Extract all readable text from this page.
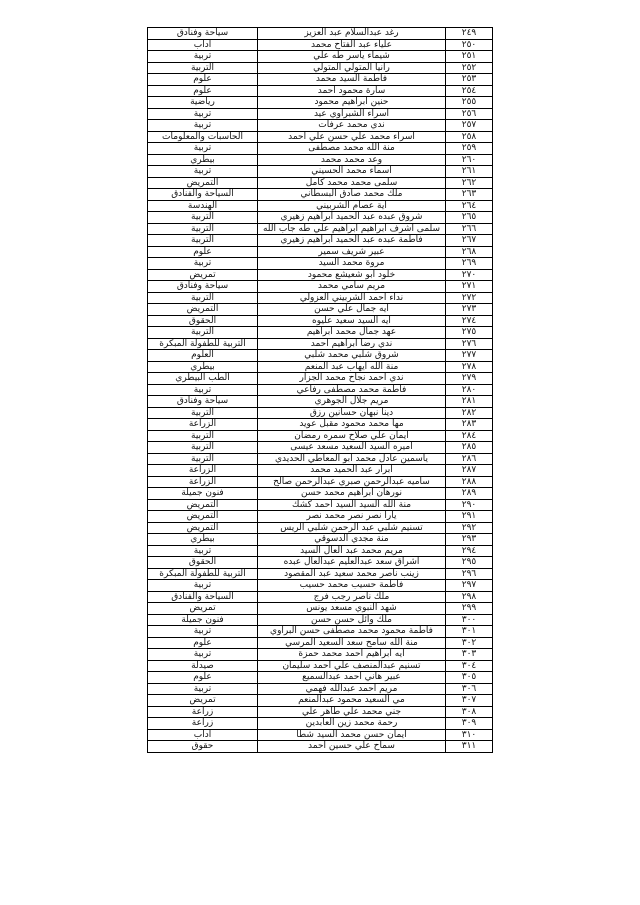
٢٤٩	رغد عبدالسلام عبد العزيز	سياحة وفنادق
٢٥٠	علياء عبد الفتاح محمد	اداب
٢٥١	شيماء ياسر طه علي	تربية
٢٥٢	رانيا المتولي المتولي	التربية
٢٥٣	فاطمة السيد محمد	علوم
٢٥٤	سارة محمود احمد	علوم
٢٥٥	حنين ابراهيم محمود	رياضية
٢٥٦	اسراء الشبراوي عيد	تربية
٢٥٧	ندي محمد عرفات	تربية
٢٥٨	اسراء محمد علي حسن علي احمد	الحاسبات والمعلومات
٢٥٩	منة الله محمد مصطفى	تربية
٢٦٠	وعد محمد محمد	بيطري
٢٦١	اسماء محمد الحسيني	تربية
٢٦٢	سلمى محمد محمد كامل	التمريض
٢٦٣	ملك محمد صادق البسطاني	السياحة والفنادق
٢٦٤	آية عصام الشربيني	الهندسة
٢٦٥	شروق عبده عبد الحميد ابراهيم زهيري	التربية
٢٦٦	سلمى أشرف ابراهيم ابراهيم علي طه جاب الله	التربية
٢٦٧	فاطمة عبده عبد الحميد ابراهيم زهيري	التربية
٢٦٨	عبير شريف سمير	علوم
٢٦٩	مروة محمد السيد	تربية
٢٧٠	خلود ابو شعيشع محمود	تمريض
٢٧١	مريم سامي محمد	سياحة وفنادق
٢٧٢	نداء احمد الشربيني العزولي	التربية
٢٧٣	ايه جمال علي حسن	التمريض
٢٧٤	ايه السيد سعيد عليوه	الحقوق
٢٧٥	عهد جمال محمد ابراهيم	التربية
٢٧٦	ندي رضا ابراهيم احمد	التربية للطفولة المبكرة
٢٧٧	شروق شلبي محمد شلبي	العلوم
٢٧٨	منة الله ايهاب عبد المنعم	بيطري
٢٧٩	ندي احمد نجاح محمد الجزار	الطب البيطري
٢٨٠	فاطمة محمد مصطفى رفاعي	تربية
٢٨١	مريم جلال الجوهري	سياحة وفنادق
٢٨٢	دينا نبهان حسانين رزق	التربية
٢٨٣	مها محمد محمود مقبل عويد	الزراعة
٢٨٤	ايمان علي صلاح سمره رمضان	التربية
٢٨٥	اميره السيد السعيد مسعد عيسى	التربية
٢٨٦	ياسمين عادل محمد ابو المعاطي الحديدي	التربية
٢٨٧	ابرار عبد الحميد محمد	الزراعة
٢٨٨	ساميه عبدالرحمن صبري عبدالرحمن صالح	الزراعة
٢٨٩	نورهان ابراهيم محمد حسن	فنون جميلة
٢٩٠	منة الله السيد السيد احمد كشك	التمريض
٢٩١	يارا نصر نصر محمد نصر	التمريض
٢٩٢	تسنيم شلبي عبد الرحمن شلبي الريس	التمريض
٢٩٣	منة مجدي الدسوقي	بيطري
٢٩٤	مريم محمد عبد العال السيد	تربية
٢٩٥	اشراق سعد عبدالعليم عبدالعال عبده	الحقوق
٢٩٦	زينب ناصر محمد سعيد عبد المقصود	التربية للطفولة المبكرة
٢٩٧	فاطمة حسيب محمد حسيب	تربية
٢٩٨	ملك ناصر رجب فرج	السياحة والفنادق
٢٩٩	شهد النبوي مسعد يونس	تمريض
٣٠٠	ملك وائل حسن حسن	فنون جميلة
٣٠١	فاطمة محمود محمد مصطفى حسن البراوي	تربية
٣٠٢	منة الله سامح سعد السعيد المرسي	علوم
٣٠٣	ايه ابراهيم احمد محمد حمزة	تربية
٣٠٤	تسنيم عبدالمنصف علي احمد سليمان	صيدلة
٣٠٥	عبير هاني احمد عبدالسميع	علوم
٣٠٦	مريم احمد عبدالله فهمي	تربية
٣٠٧	مي السعيد محمود عبدالمنعم	تمريض
٣٠٨	جني محمد علي طاهر علي	زراعة
٣٠٩	رحمة محمد زين العابدين	زراعة
٣١٠	ايمان حسن محمد السيد شطا	اداب
٣١١	سماح علي حسين احمد	حقوق
